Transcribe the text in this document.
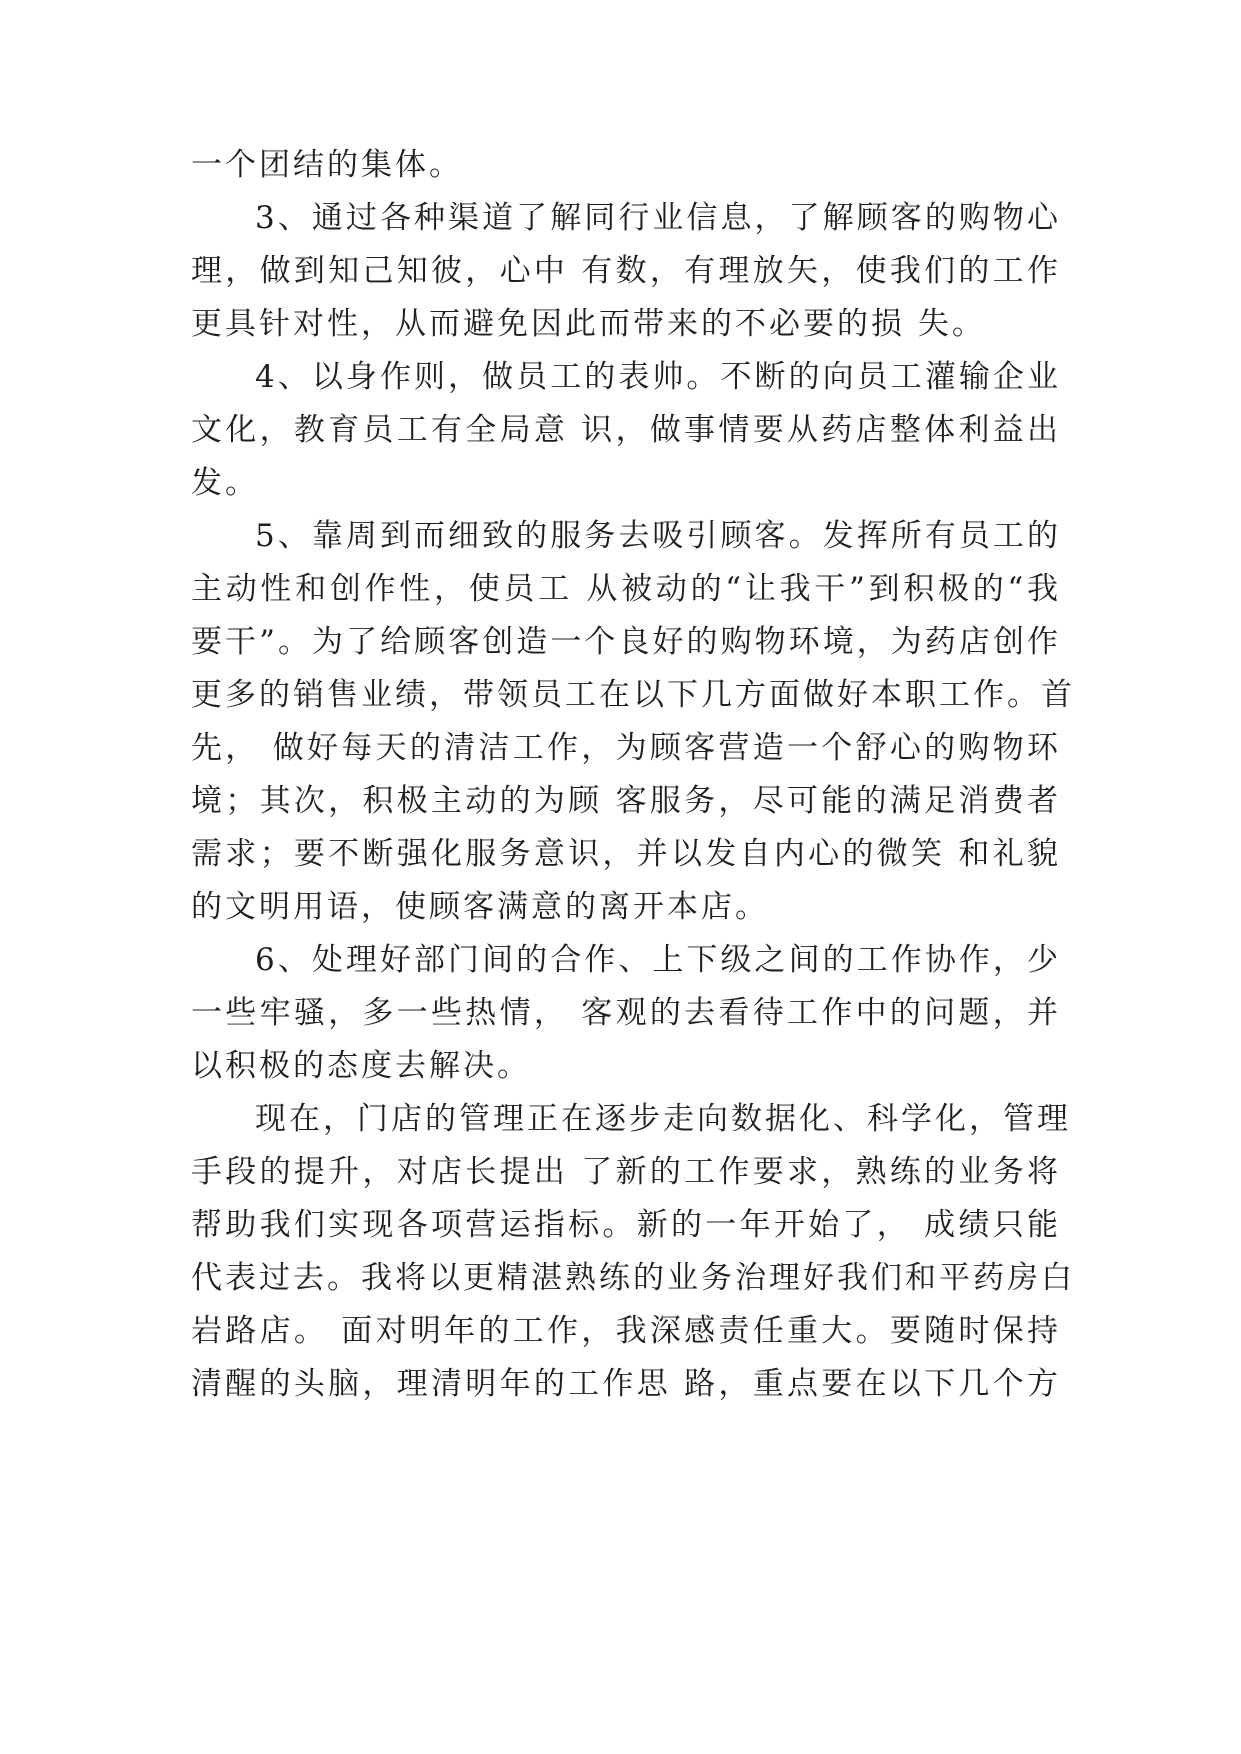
一个团结的集体。
3、通过各种渠道了解同行业信息，了解顾客的购物心
理，做到知己知彼，心中 有数，有理放矢，使我们的工作
更具针对性，从而避免因此而带来的不必要的损 失。
4、以身作则，做员工的表帅。不断的向员工灌输企业
文化，教育员工有全局意 识，做事情要从药店整体利益出
发。
5、靠周到而细致的服务去吸引顾客。发挥所有员工的
主动性和创作性，使员工 从被动的“让我干”到积极的“我
要干”。为了给顾客创造一个良好的购物环境，为药店创作
更多的销售业绩，带领员工在以下几方面做好本职工作。首
先， 做好每天的清洁工作，为顾客营造一个舒心的购物环
境；其次，积极主动的为顾 客服务，尽可能的满足消费者
需求；要不断强化服务意识，并以发自内心的微笑 和礼貌
的文明用语，使顾客满意的离开本店。
6、处理好部门间的合作、上下级之间的工作协作，少
一些牢骚，多一些热情， 客观的去看待工作中的问题，并
以积极的态度去解决。
现在，门店的管理正在逐步走向数据化、科学化，管理
手段的提升，对店长提出 了新的工作要求，熟练的业务将
帮助我们实现各项营运指标。新的一年开始了， 成绩只能
代表过去。我将以更精湛熟练的业务治理好我们和平药房白
岩路店。 面对明年的工作，我深感责任重大。要随时保持
清醒的头脑，理清明年的工作思 路，重点要在以下几个方
